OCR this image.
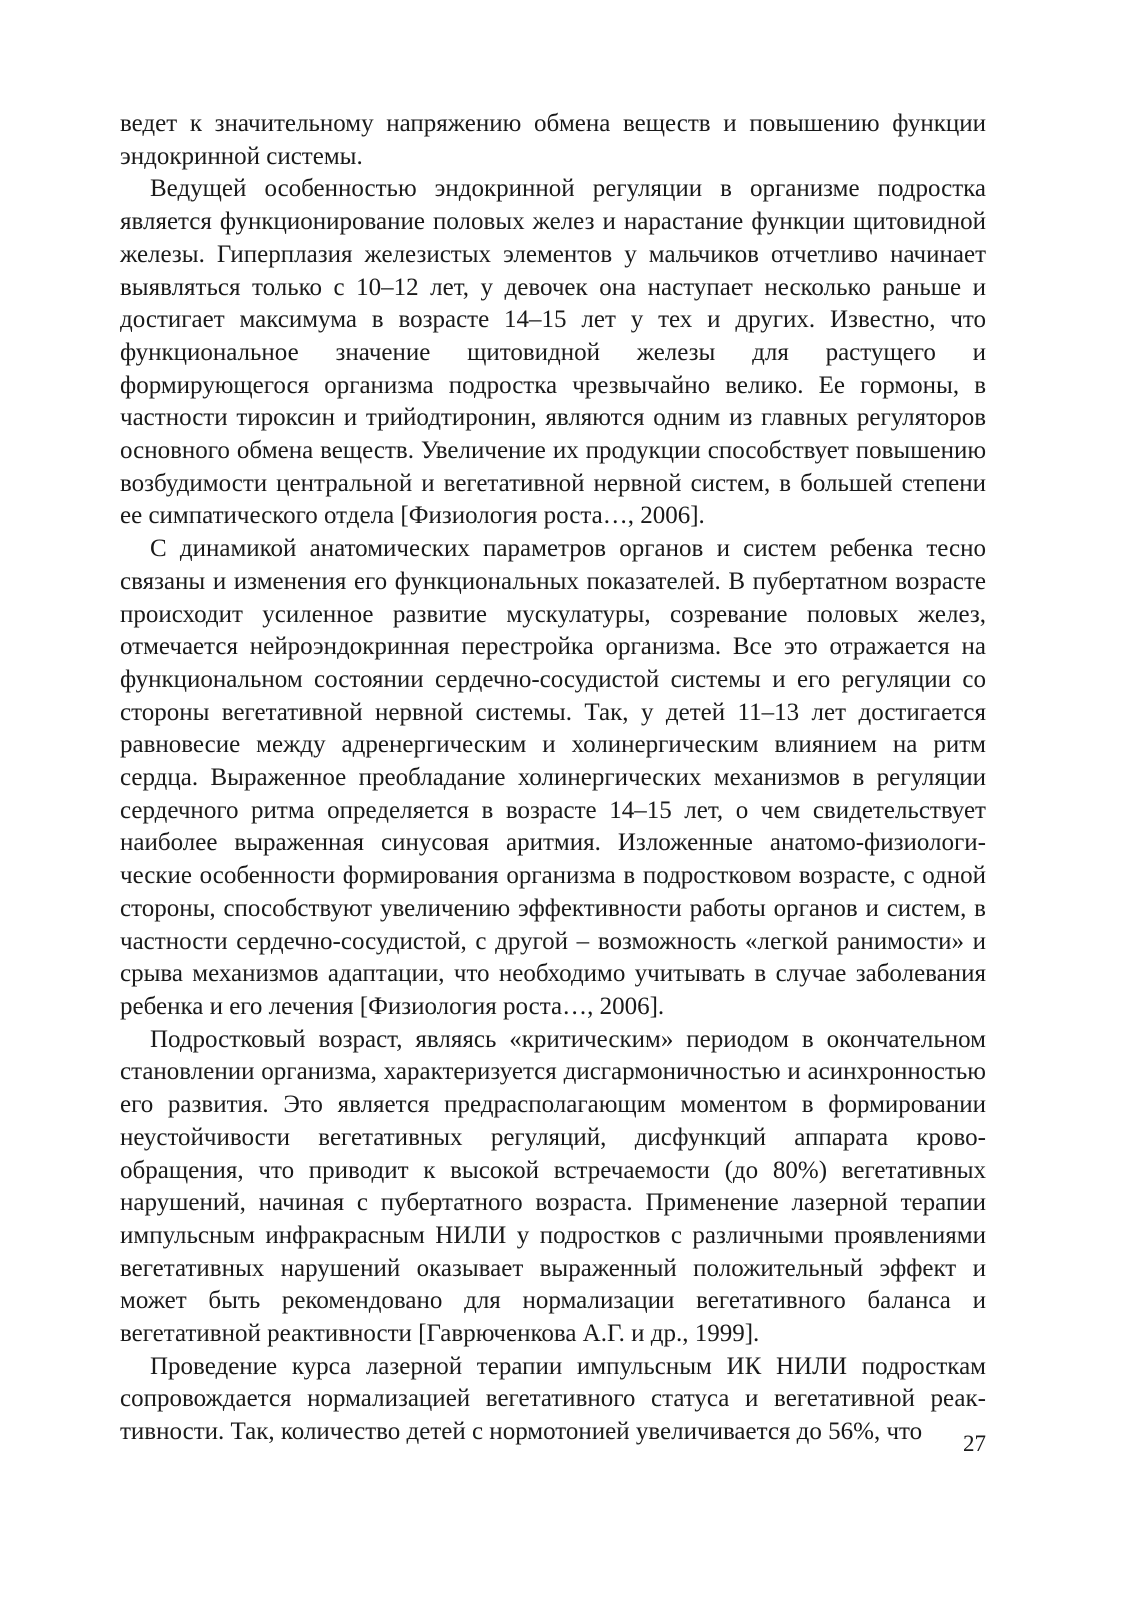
ведет к значительному напряжению обмена веществ и повышению функции эндокринной системы.

Ведущей особенностью эндокринной регуляции в организме подростка является функционирование половых желез и нарастание функции щитовидной железы. Гиперплазия железистых элементов у мальчиков отчетливо начинает выявляться только с 10–12 лет, у девочек она наступает несколько раньше и достигает максимума в возрасте 14–15 лет у тех и других. Известно, что функциональное значение щитовидной железы для растущего и формирующегося организма подростка чрезвычайно велико. Ее гормоны, в частности тироксин и трийодтиронин, являются одним из главных регуляторов основного обмена веществ. Увеличение их продукции способствует повышению возбудимости центральной и вегетативной нервной систем, в большей степени ее симпатического отдела [Физиология роста…, 2006].

С динамикой анатомических параметров органов и систем ребенка тесно связаны и изменения его функциональных показателей. В пубертатном возрасте происходит усиленное развитие мускулатуры, созревание половых желез, отмечается нейроэндокринная перестройка организма. Все это отражается на функциональном состоянии сердечно-сосудистой системы и его регуляции со стороны вегетативной нервной системы. Так, у детей 11–13 лет достигается равновесие между адренергическим и холинергическим влиянием на ритм сердца. Выраженное преобладание холинергических механизмов в регуляции сердечного ритма определяется в возрасте 14–15 лет, о чем свидетельствует наиболее выраженная синусовая аритмия. Изложенные анатомо-физиологические особенности формирования организма в подростковом возрасте, с одной стороны, способствуют увеличению эффективности работы органов и систем, в частности сердечно-сосудистой, с другой – возможность «легкой ранимости» и срыва механизмов адаптации, что необходимо учитывать в случае заболевания ребенка и его лечения [Физиология роста…, 2006].

Подростковый возраст, являясь «критическим» периодом в окончательном становлении организма, характеризуется дисгармоничностью и асинхронностью его развития. Это является предрасполагающим моментом в формировании неустойчивости вегетативных регуляций, дисфункций аппарата кровообращения, что приводит к высокой встречаемости (до 80%) вегетативных нарушений, начиная с пубертатного возраста. Применение лазерной терапии импульсным инфракрасным НИЛИ у подростков с различными проявлениями вегетативных нарушений оказывает выраженный положительный эффект и может быть рекомендовано для нормализации вегетативного баланса и вегетативной реактивности [Гаврюченкова А.Г. и др., 1999].

Проведение курса лазерной терапии импульсным ИК НИЛИ подросткам сопровождается нормализацией вегетативного статуса и вегетативной реактивности. Так, количество детей с нормотонией увеличивается до 56%, что	27
